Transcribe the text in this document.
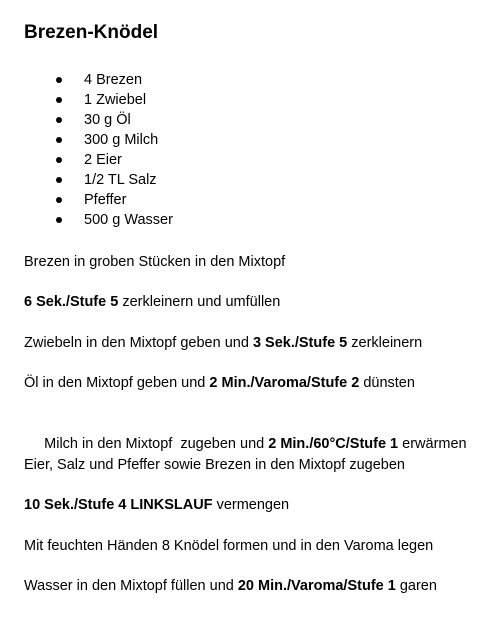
Brezen-Knödel
4 Brezen
1 Zwiebel
30 g Öl
300 g Milch
2 Eier
1/2 TL Salz
Pfeffer
500 g Wasser
Brezen in groben Stücken in den Mixtopf
6 Sek./Stufe 5 zerkleinern und umfüllen
Zwiebeln in den Mixtopf geben und 3 Sek./Stufe 5 zerkleinern
Öl in den Mixtopf geben und 2 Min./Varoma/Stufe 2 dünsten

Milch in den Mixtopf  zugeben und 2 Min./60°C/Stufe 1 erwärmen

Eier, Salz und Pfeffer sowie Brezen in den Mixtopf zugeben
10 Sek./Stufe 4 LINKSLAUF vermengen
Mit feuchten Händen 8 Knödel formen und in den Varoma legen
Wasser in den Mixtopf füllen und 20 Min./Varoma/Stufe 1 garen
